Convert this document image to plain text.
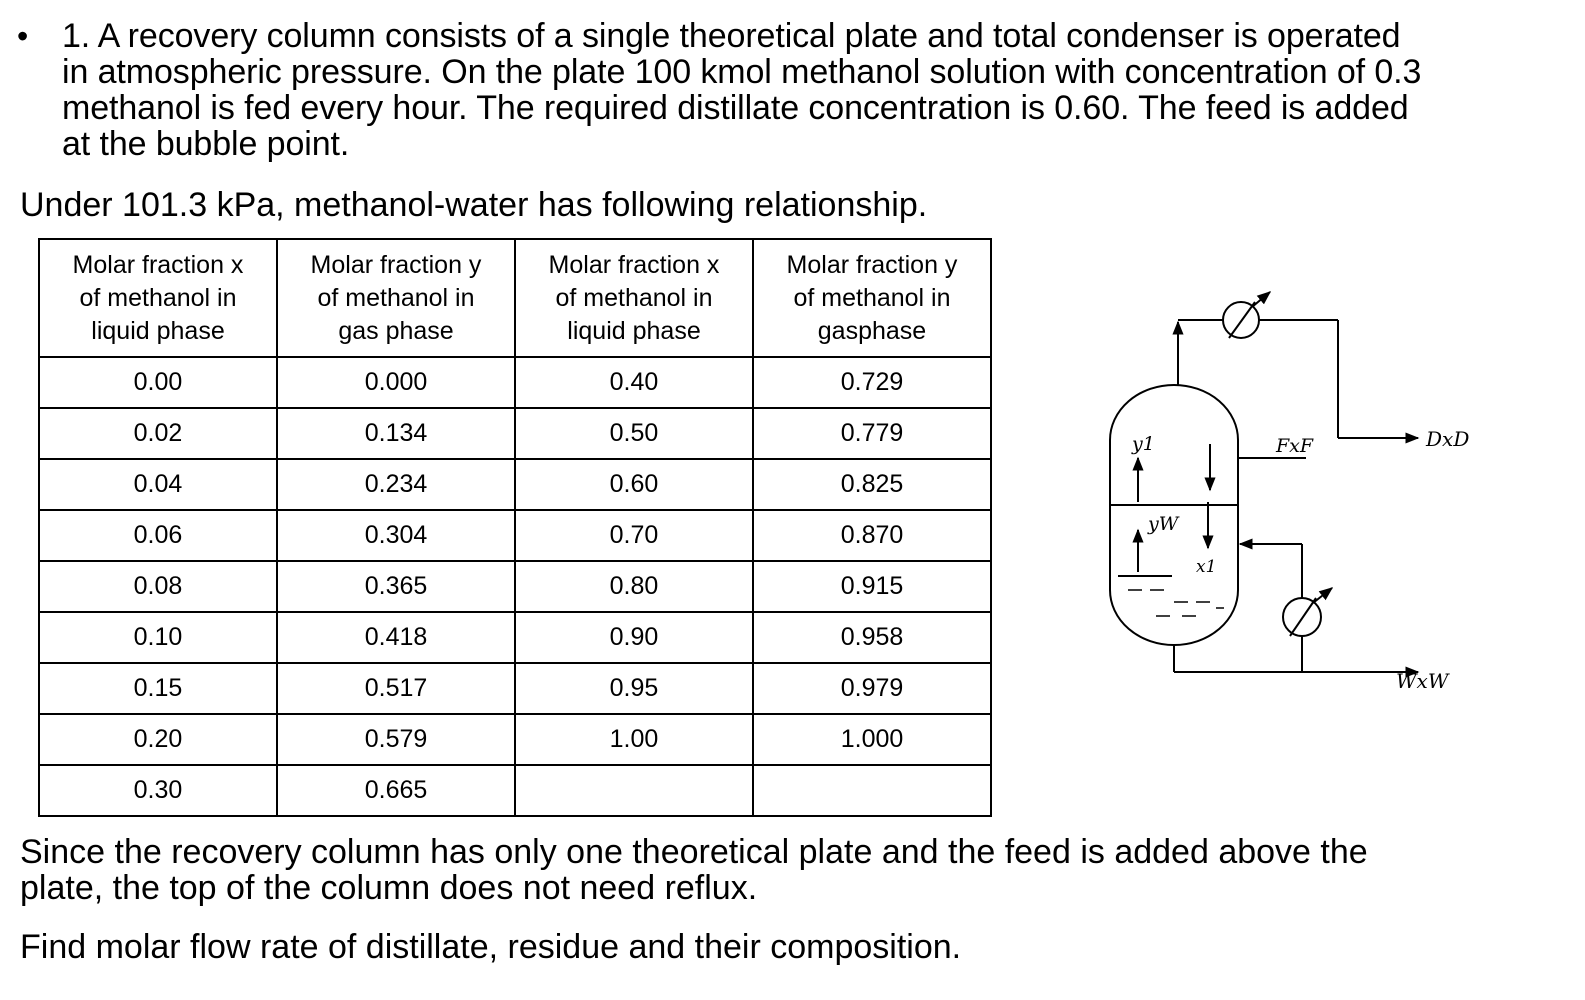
• 1. A recovery column consists of a single theoretical plate and total condenser is operated
in atmospheric pressure. On the plate 100 kmol methanol solution with concentration of 0.3
methanol is fed every hour. The required distillate concentration is 0.60. The feed is added
at the bubble point.
Under 101.3 kPa, methanol-water has following relationship.
Molar fraction x
of methanol in
liquid phase	Molar fraction y
of methanol in
gas phase	Molar fraction x
of methanol in
liquid phase	Molar fraction y
of methanol in
gasphase

0.00	0.000	0.40	0.729
0.02	0.134	0.50	0.779
0.04	0.234	0.60	0.825
0.06	0.304	0.70	0.870
0.08	0.365	0.80	0.915
0.10	0.418	0.90	0.958
0.15	0.517	0.95	0.979
0.20	0.579	1.00	1.000
0.30	0.665		
y1
yW
x1
FxF	DxD
WxW
Since the recovery column has only one theoretical plate and the feed is added above the
plate, the top of the column does not need reflux.
Find molar flow rate of distillate, residue and their composition.
